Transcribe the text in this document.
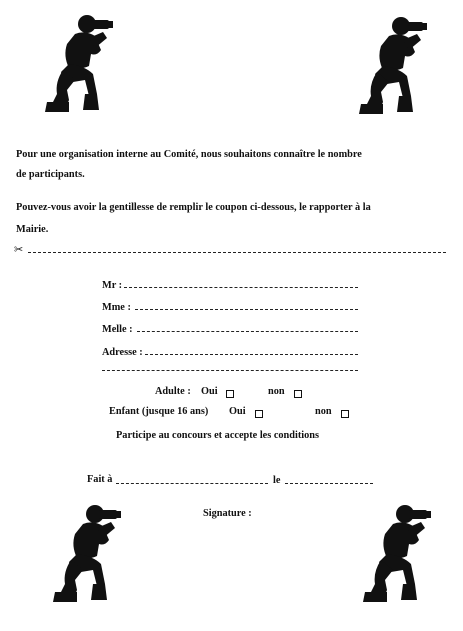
Pour une organisation interne au Comité, nous souhaitons connaître le nombre

de participants.

Pouvez-vous avoir la gentillesse de remplir le coupon ci-dessous, le rapporter à la

Mairie.

✂
Mr :
Mme :
Melle :
Adresse :
Adulte : Oui	non
Enfant (jusque 16 ans) Oui	non
Participe au concours et accepte les conditions
Fait à	le
Signature :
